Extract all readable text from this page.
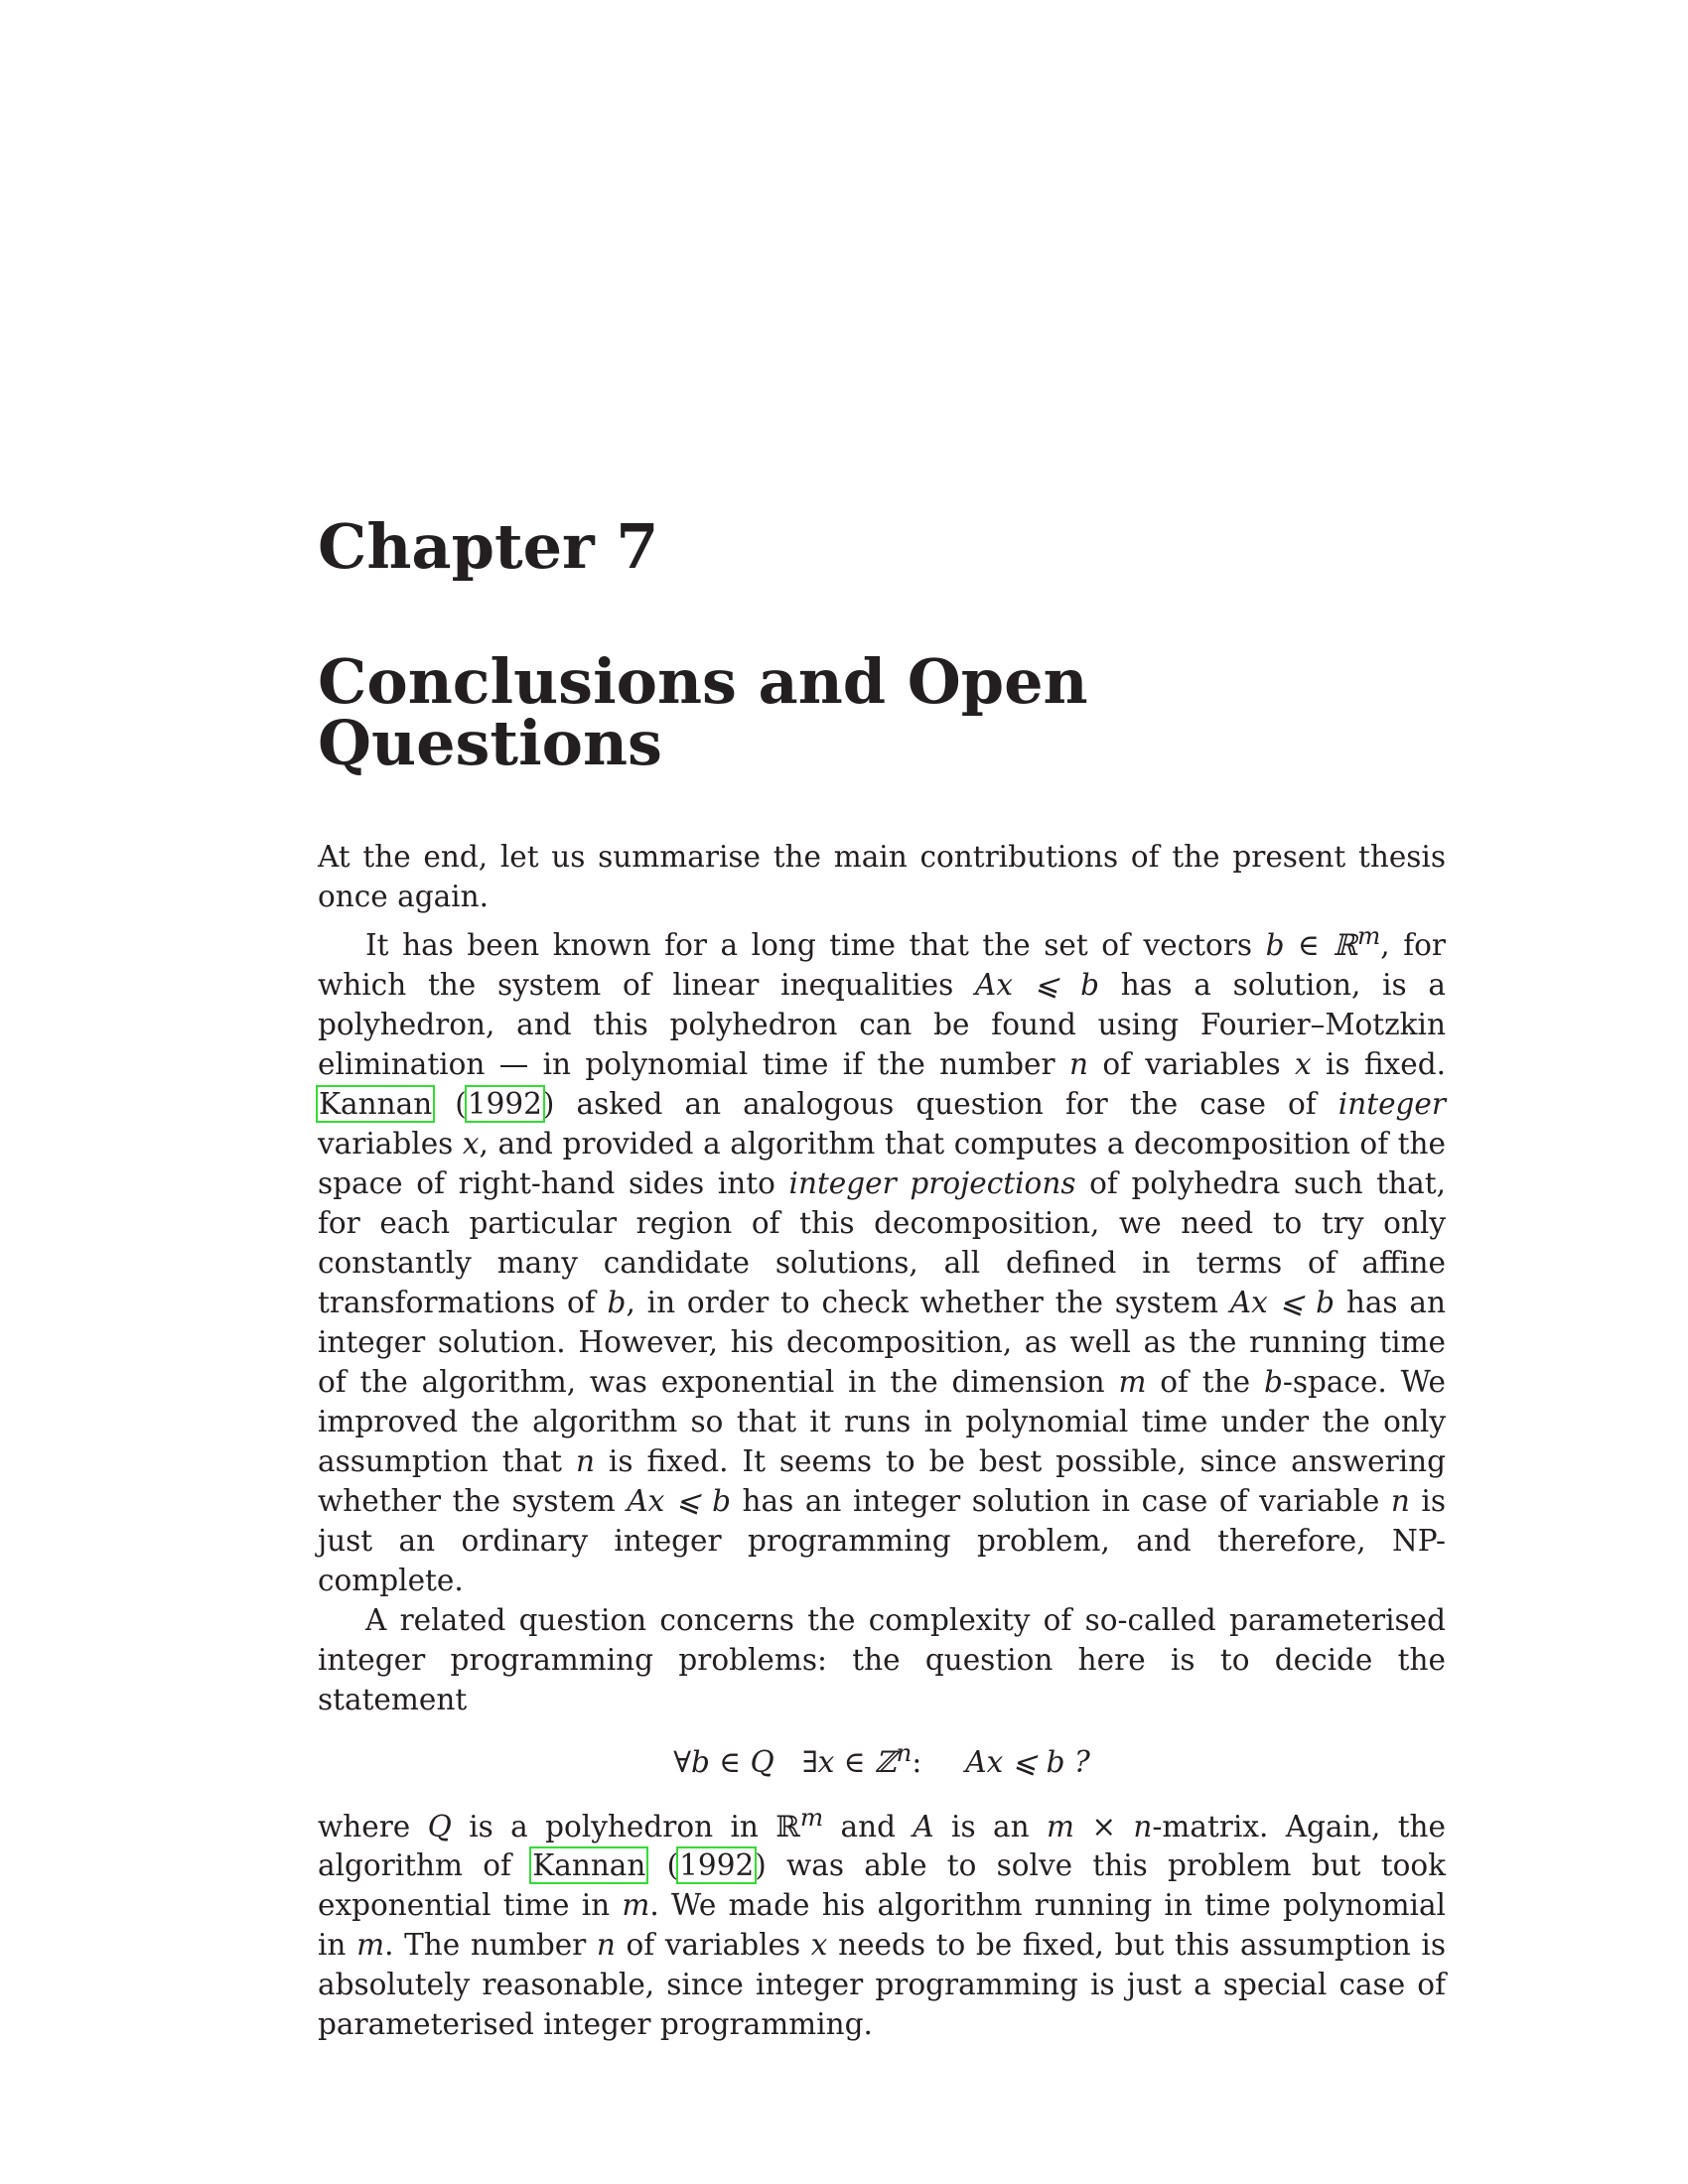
Chapter 7
Conclusions and Open Questions

At the end, let us summarise the main contributions of the present thesis once again.

It has been known for a long time that the set of vectors b ∈ ℝ$^m$, for which the system of linear inequalities Ax ⩽ b has a solution, is a polyhedron, and this polyhedron can be found using Fourier–Motzkin elimination — in polynomial time if the number n of variables x is fixed. Kannan (1992) asked an analogous question for the case of integer variables x, and provided a algorithm that computes a decomposition of the space of right-hand sides into integer projections of polyhedra such that, for each particular region of this decomposition, we need to try only constantly many candidate solutions, all defined in terms of affine transformations of b, in order to check whether the system Ax ⩽ b has an integer solution. However, his decomposition, as well as the running time of the algorithm, was exponential in the dimension m of the b-space. We improved the algorithm so that it runs in polynomial time under the only assumption that n is fixed. It seems to be best possible, since answering whether the system Ax ⩽ b has an integer solution in case of variable n is just an ordinary integer programming problem, and therefore, NP-complete.

A related question concerns the complexity of so-called parameterised integer programming problems: the question here is to decide the statement

∀b ∈ Q ∃x ∈ ℤ$^n$: Ax ⩽ b ?

where Q is a polyhedron in ℝ$^m$ and A is an m × n-matrix. Again, the algorithm of Kannan (1992) was able to solve this problem but took exponential time in m. We made his algorithm running in time polynomial in m. The number n of variables x needs to be fixed, but this assumption is absolutely reasonable, since integer programming is just a special case of parameterised integer programming.
